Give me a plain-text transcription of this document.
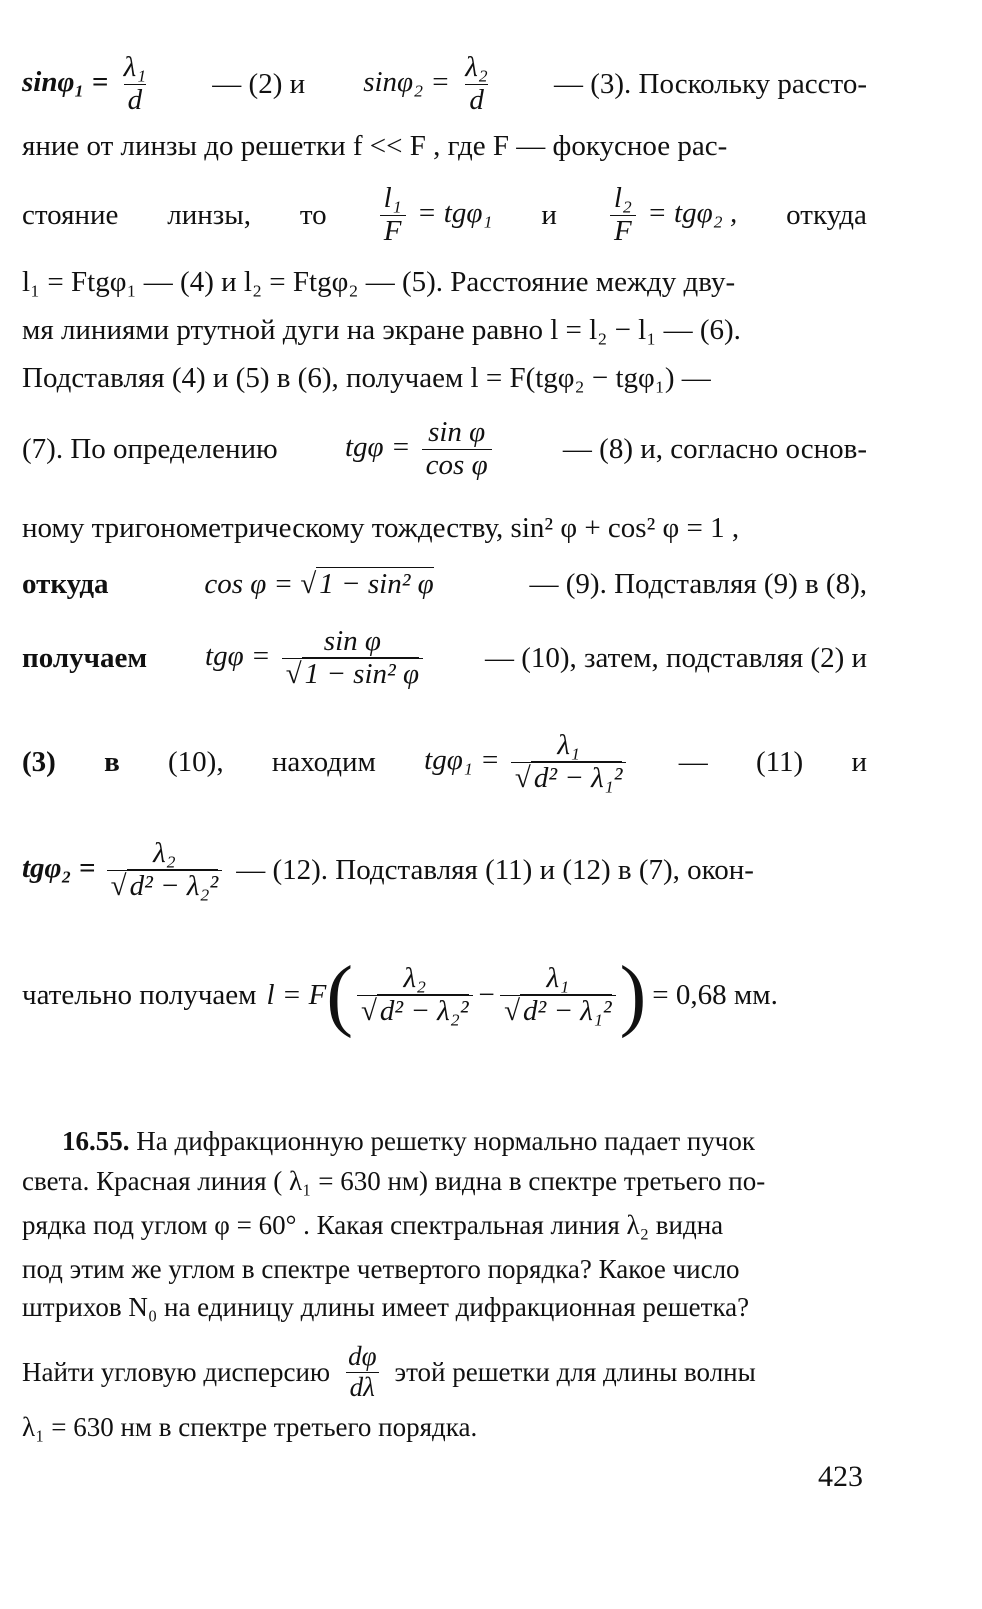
$\sin\varphi_1 = \frac{\text{λ₁}}{d}$ — (2) и $\sin\varphi_2 = \frac{\text{λ₂}}{d}$ — (3). Поскольку рассто-
яние от линзы до решетки f << F , где F — фокусное рас-
стояние линзы, то $\frac{\text{l₁}}{F} = tg\varphi_1$ и $\frac{\text{l₂}}{F} = tg\varphi_2$ , откуда
l₁ = Ftgφ₁ — (4) и l₂ = Ftgφ₂ — (5). Расстояние между дву-
мя линиями ртутной дуги на экране равно l = l₂ − l₁ — (6).
Подставляя (4) и (5) в (6), получаем l = F(tgφ₂ − tgφ₁) —
(7). По определению $tg\varphi = \frac{\text{sin φ}}{\text{cos φ}}$ — (8) и, согласно основ-
ному тригонометрическому тождеству, sin² φ + cos² φ = 1 ,
откуда	cos φ = √ 1 − sin² φ	— (9). Подставляя (9) в (8),
получаем $tg\varphi = \frac{\text{sin φ}}{\text{√ 1 − sin² φ}}$ — (10), затем, подставляя (2) и
(3) в (10), находим $tg\varphi_1 = \frac{\text{λ₁}}{\text{√ d² − λ₁²}}$ — (11) и
$tg\varphi_2 = \frac{\text{λ₂}}{\text{√ d² − λ₂²}}$ — (12). Подставляя (11) и (12) в (7), окон-
чательно получаем l = F ( $\frac{\text{λ₂}}{\text{√ d² − λ₂²}} - \frac{\text{λ₁}}{\text{√ d² − λ₁²}}$ ) = 0,68 мм.
16.55. На дифракционную решетку нормально падает пучок
света. Красная линия ( λ₁ = 630 нм) видна в спектре третьего по-
рядка под углом φ = 60° . Какая спектральная линия λ₂ видна
под этим же углом в спектре четвертого порядка? Какое число
штрихов N₀ на единицу длины имеет дифракционная решетка?
Найти угловую дисперсию $\frac{d\varphi}{d\lambda}$ этой решетки для длины волны
λ₁ = 630 нм в спектре третьего порядка.
423
